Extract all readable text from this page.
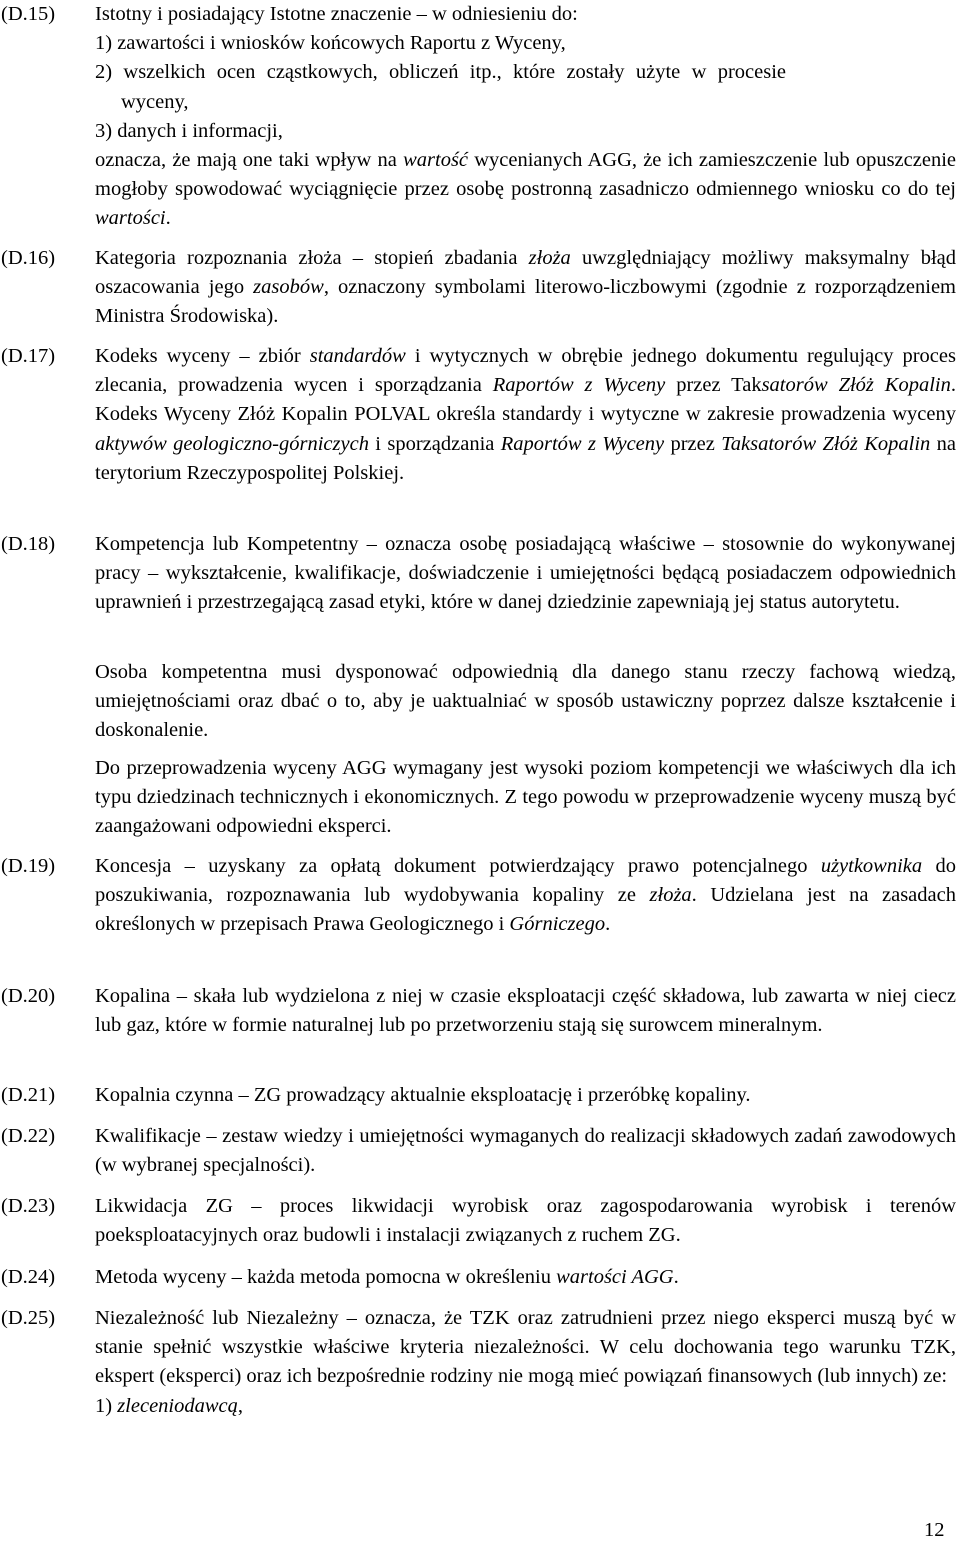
(D.15) Istotny i posiadający Istotne znaczenie – w odniesieniu do:
1) zawartości i wniosków końcowych Raportu z Wyceny,
2) wszelkich ocen cząstkowych, obliczeń itp., które zostały użyte w procesie wyceny,
3) danych i informacji,
oznacza, że mają one taki wpływ na wartość wycenianych AGG, że ich zamieszczenie lub opuszczenie mogłoby spowodować wyciągnięcie przez osobę postronną zasadniczo odmiennego wniosku co do tej wartości.
(D.16) Kategoria rozpoznania złoża – stopień zbadania złoża uwzględniający możliwy maksymalny błąd oszacowania jego zasobów, oznaczony symbolami literowo-liczbowymi (zgodnie z rozporządzeniem Ministra Środowiska).
(D.17) Kodeks wyceny – zbiór standardów i wytycznych w obrębie jednego dokumentu regulujący proces zlecania, prowadzenia wycen i sporządzania Raportów z Wyceny przez Taksatorów Złóż Kopalin. Kodeks Wyceny Złóż Kopalin POLVAL określa standardy i wytyczne w zakresie prowadzenia wyceny aktywów geologiczno-górniczych i sporządzania Raportów z Wyceny przez Taksatorów Złóż Kopalin na terytorium Rzeczypospolitej Polskiej.
(D.18) Kompetencja lub Kompetentny – oznacza osobę posiadającą właściwe – stosownie do wykonywanej pracy – wykształcenie, kwalifikacje, doświadczenie i umiejętności będącą posiadaczem odpowiednich uprawnień i przestrzegającą zasad etyki, które w danej dziedzinie zapewniają jej status autorytetu.
Osoba kompetentna musi dysponować odpowiednią dla danego stanu rzeczy fachową wiedzą, umiejętnościami oraz dbać o to, aby je uaktualniać w sposób ustawiczny poprzez dalsze kształcenie i doskonalenie.
Do przeprowadzenia wyceny AGG wymagany jest wysoki poziom kompetencji we właściwych dla ich typu dziedzinach technicznych i ekonomicznych. Z tego powodu w przeprowadzenie wyceny muszą być zaangażowani odpowiedni eksperci.
(D.19) Koncesja – uzyskany za opłatą dokument potwierdzający prawo potencjalnego użytkownika do poszukiwania, rozpoznawania lub wydobywania kopaliny ze złoża. Udzielana jest na zasadach określonych w przepisach Prawa Geologicznego i Górniczego.
(D.20) Kopalina – skała lub wydzielona z niej w czasie eksploatacji część składowa, lub zawarta w niej ciecz lub gaz, które w formie naturalnej lub po przetworzeniu stają się surowcem mineralnym.
(D.21) Kopalnia czynna – ZG prowadzący aktualnie eksploatację i przeróbkę kopaliny.
(D.22) Kwalifikacje – zestaw wiedzy i umiejętności wymaganych do realizacji składowych zadań zawodowych (w wybranej specjalności).
(D.23) Likwidacja ZG – proces likwidacji wyrobisk oraz zagospodarowania wyrobisk i terenów poeksploatacyjnych oraz budowli i instalacji związanych z ruchem ZG.
(D.24) Metoda wyceny – każda metoda pomocna w określeniu wartości AGG.
(D.25) Niezależność lub Niezależny – oznacza, że TZK oraz zatrudnieni przez niego eksperci muszą być w stanie spełnić wszystkie właściwe kryteria niezależności. W celu dochowania tego warunku TZK, ekspert (eksperci) oraz ich bezpośrednie rodziny nie mogą mieć powiązań finansowych (lub innych) ze:
1) zleceniodawcą,
12
